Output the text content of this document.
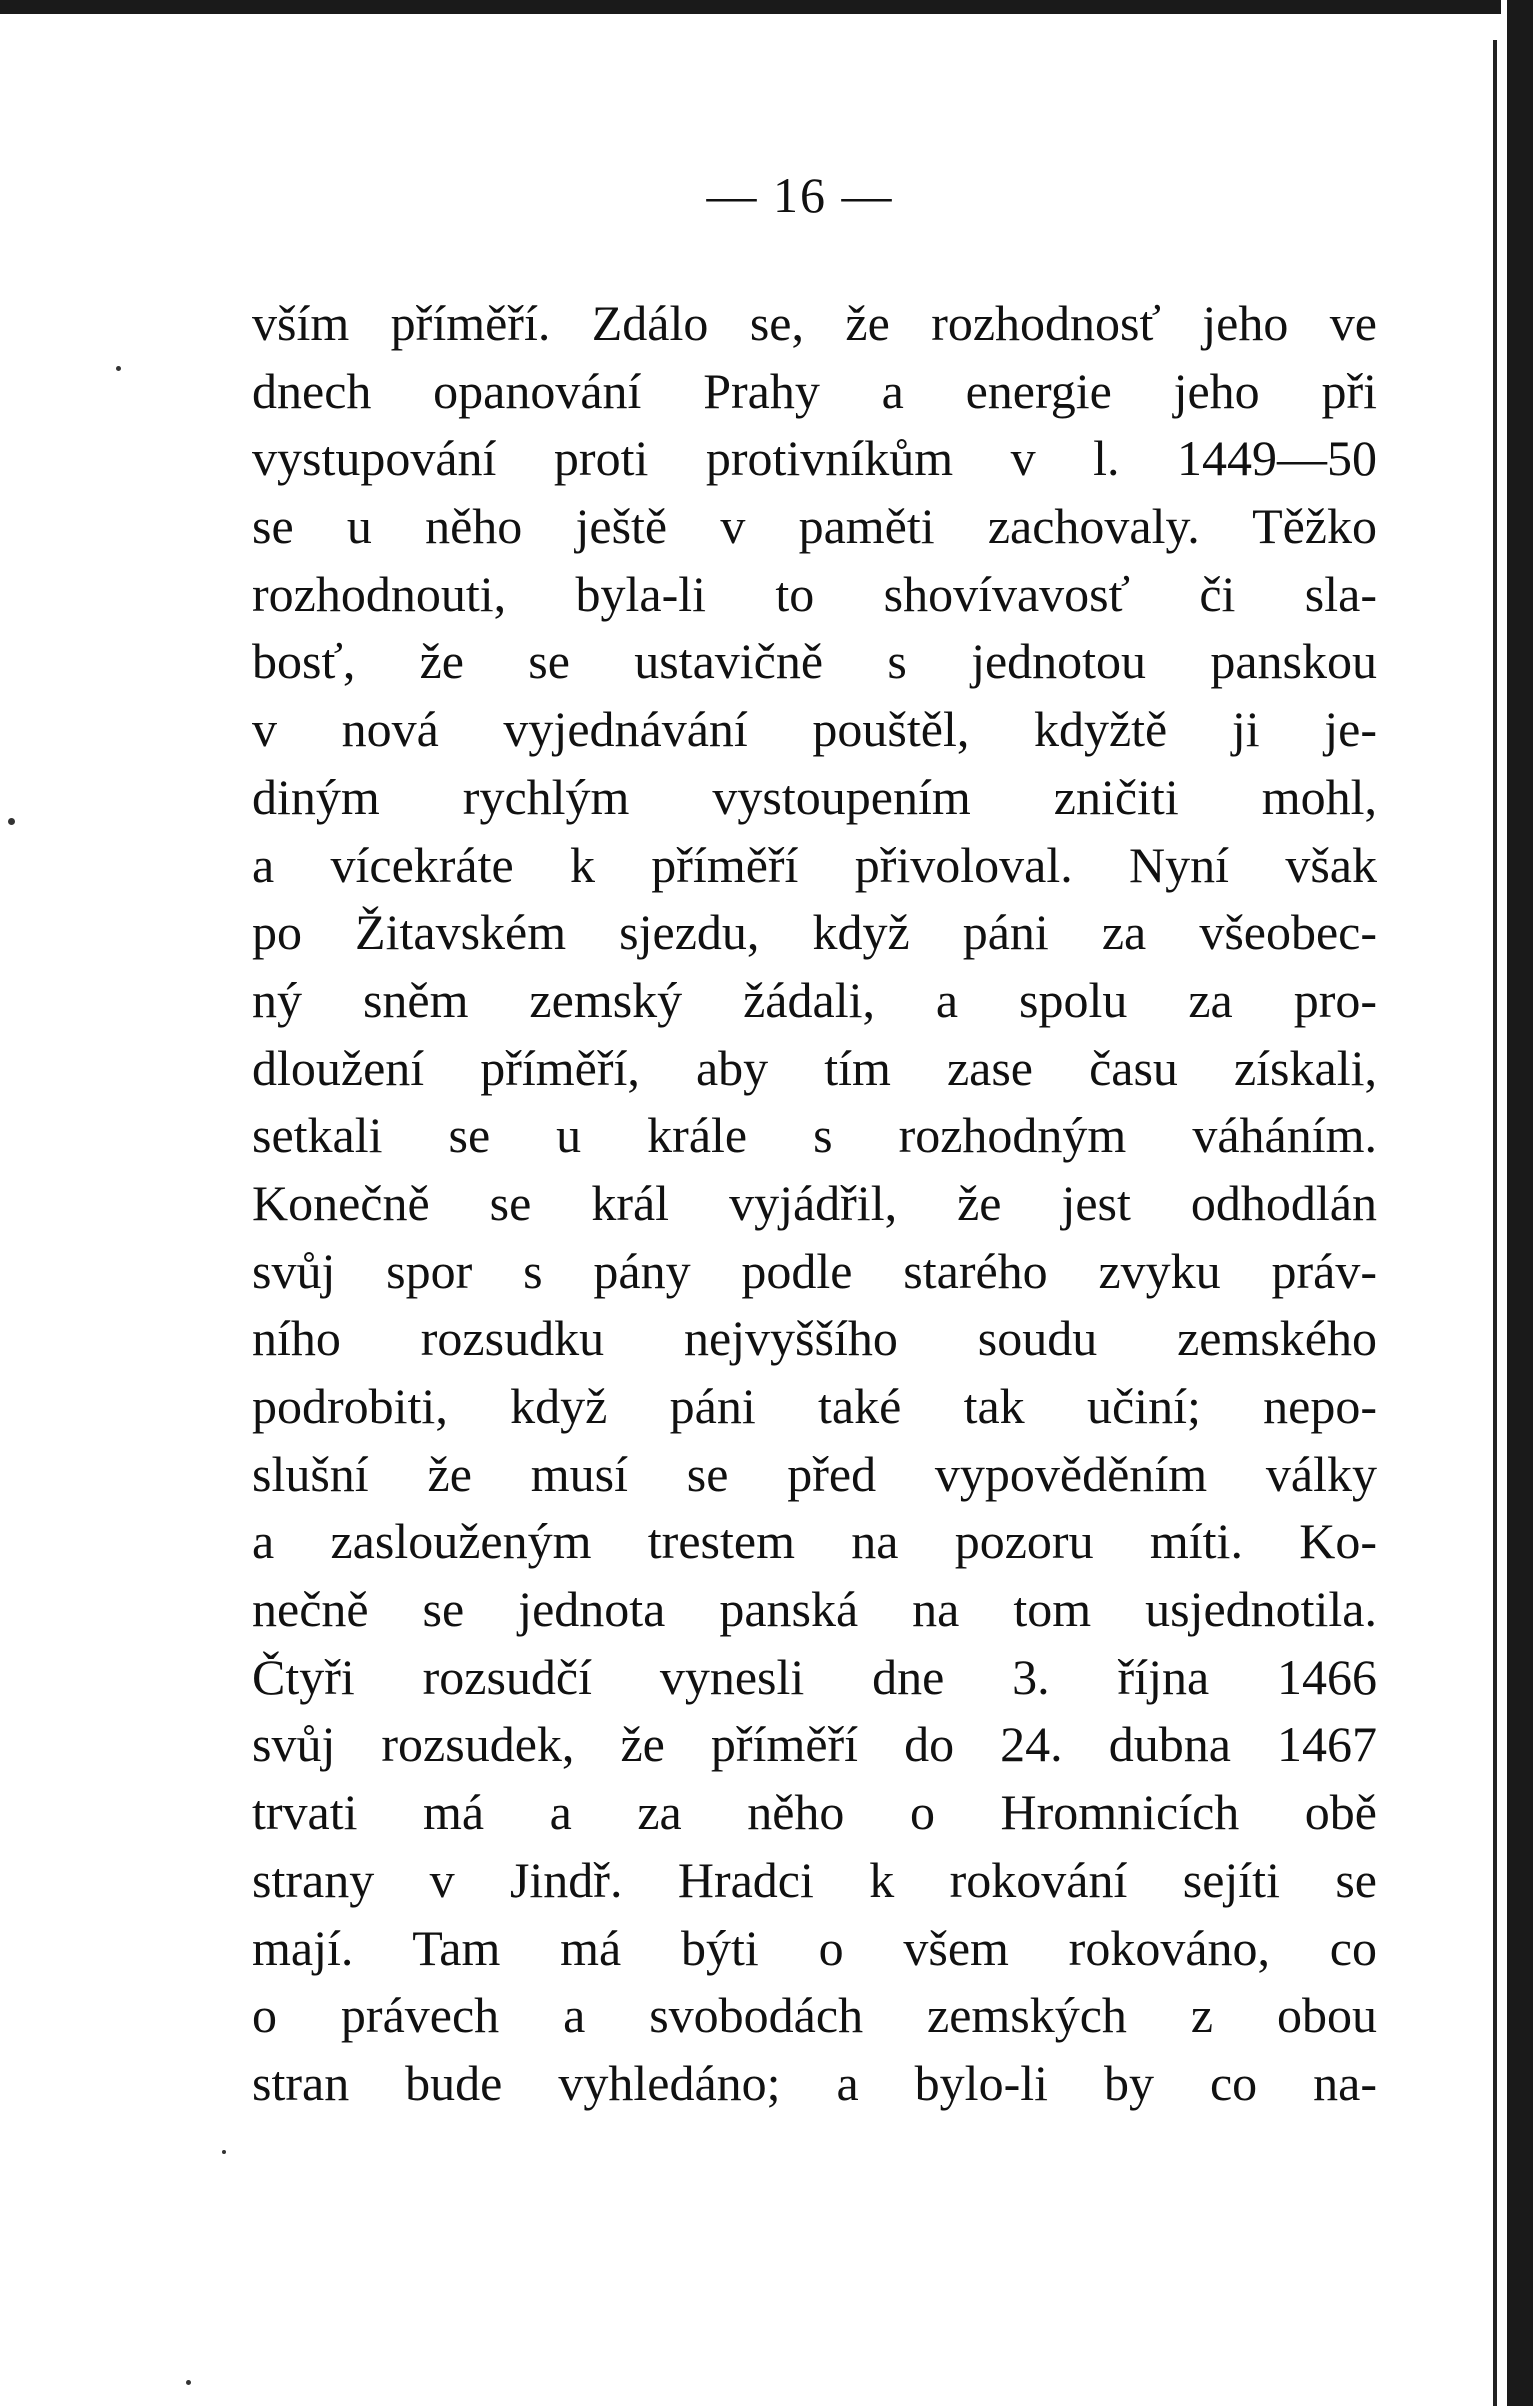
— 16 —
vším příměří. Zdálo se, že rozhodnosť jeho ve
dnech opanování Prahy a energie jeho při
vystupování proti protivníkům v l. 1449—50
se u něho ještě v paměti zachovaly. Těžko
rozhodnouti, byla-li to shovívavosť či sla-
bosť, že se ustavičně s jednotou panskou
v nová vyjednávání pouštěl, kdyžtě ji je-
diným rychlým vystoupením zničiti mohl,
a vícekráte k příměří přivoloval. Nyní však
po Žitavském sjezdu, když páni za všeobec-
ný sněm zemský žádali, a spolu za pro-
dloužení příměří, aby tím zase času získali,
setkali se u krále s rozhodným váháním.
Konečně se král vyjádřil, že jest odhodlán
svůj spor s pány podle starého zvyku práv-
ního rozsudku nejvyššího soudu zemského
podrobiti, když páni také tak učiní; nepo-
slušní že musí se před vypověděním války
a zaslouženým trestem na pozoru míti. Ko-
nečně se jednota panská na tom usjednotila.
Čtyři rozsudčí vynesli dne 3. října 1466
svůj rozsudek, že příměří do 24. dubna 1467
trvati má a za něho o Hromnicích obě
strany v Jindř. Hradci k rokování sejíti se
mají. Tam má býti o všem rokováno, co
o právech a svobodách zemských z obou
stran bude vyhledáno; a bylo-li by co na-
